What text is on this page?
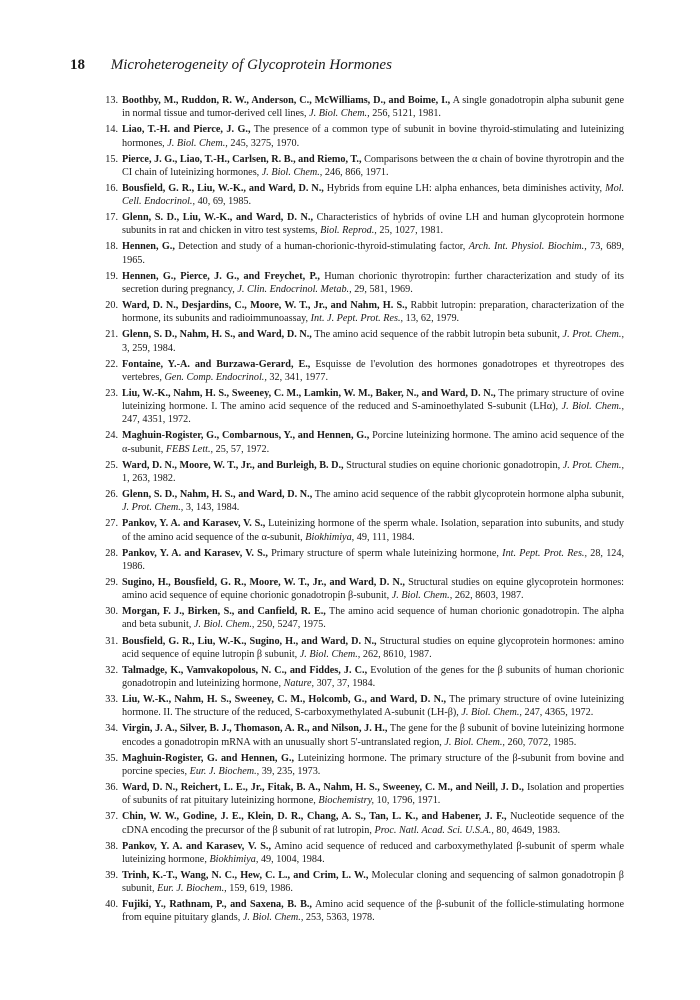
18 Microheterogeneity of Glycoprotein Hormones
13 . Boothby, M., Ruddon, R. W., Anderson, C., McWilliams, D., and Boime, I., A single gonadotropin alpha subunit gene in normal tissue and tumor-derived cell lines, J. Biol. Chem., 256, 5121, 1981.
14 . Liao, T.-H. and Pierce, J. G., The presence of a common type of subunit in bovine thyroid-stimulating and luteinizing hormones, J. Biol. Chem., 245, 3275, 1970.
15 . Pierce, J. G., Liao, T.-H., Carlsen, R. B., and Riemo, T., Comparisons between the α chain of bovine thyrotropin and the CI chain of luteinizing hormones, J. Biol. Chem., 246, 866, 1971.
16 . Bousfield, G. R., Liu, W.-K., and Ward, D. N., Hybrids from equine LH: alpha enhances, beta diminishes activity, Mol. Cell. Endocrinol., 40, 69, 1985.
17 . Glenn, S. D., Liu, W.-K., and Ward, D. N., Characteristics of hybrids of ovine LH and human glycoprotein hormone subunits in rat and chicken in vitro test systems, Biol. Reprod., 25, 1027, 1981.
18 . Hennen, G., Detection and study of a human-chorionic-thyroid-stimulating factor, Arch. Int. Physiol. Biochim., 73, 689, 1965.
19 . Hennen, G., Pierce, J. G., and Freychet, P., Human chorionic thyrotropin: further characterization and study of its secretion during pregnancy, J. Clin. Endocrinol. Metab., 29, 581, 1969.
20 . Ward, D. N., Desjardins, C., Moore, W. T., Jr., and Nahm, H. S., Rabbit lutropin: preparation, characterization of the hormone, its subunits and radioimmunoassay, Int. J. Pept. Prot. Res., 13, 62, 1979.
21 . Glenn, S. D., Nahm, H. S., and Ward, D. N., The amino acid sequence of the rabbit lutropin beta subunit, J. Prot. Chem., 3, 259, 1984.
22 . Fontaine, Y.-A. and Burzawa-Gerard, E., Esquisse de l'evolution des hormones gonadotropes et thyreotropes des vertebres, Gen. Comp. Endocrinol., 32, 341, 1977.
23 . Liu, W.-K., Nahm, H. S., Sweeney, C. M., Lamkin, W. M., Baker, N., and Ward, D. N., The primary structure of ovine luteinizing hormone. I. The amino acid sequence of the reduced and S-aminoethylated S-subunit (LHα), J. Biol. Chem., 247, 4351, 1972.
24 . Maghuin-Rogister, G., Combarnous, Y., and Hennen, G., Porcine luteinizing hormone. The amino acid sequence of the α-subunit, FEBS Lett., 25, 57, 1972.
25 . Ward, D. N., Moore, W. T., Jr., and Burleigh, B. D., Structural studies on equine chorionic gonadotropin, J. Prot. Chem., 1, 263, 1982.
26 . Glenn, S. D., Nahm, H. S., and Ward, D. N., The amino acid sequence of the rabbit glycoprotein hormone alpha subunit, J. Prot. Chem., 3, 143, 1984.
27 . Pankov, Y. A. and Karasev, V. S., Luteinizing hormone of the sperm whale. Isolation, separation into subunits, and study of the amino acid sequence of the α-subunit, Biokhimiya, 49, 111, 1984.
28 . Pankov, Y. A. and Karasev, V. S., Primary structure of sperm whale luteinizing hormone, Int. Pept. Prot. Res., 28, 124, 1986.
29 . Sugino, H., Bousfield, G. R., Moore, W. T., Jr., and Ward, D. N., Structural studies on equine glycoprotein hormones: amino acid sequence of equine chorionic gonadotropin β-subunit, J. Biol. Chem., 262, 8603, 1987.
30 . Morgan, F. J., Birken, S., and Canfield, R. E., The amino acid sequence of human chorionic gonadotropin. The alpha and beta subunit, J. Biol. Chem., 250, 5247, 1975.
31 . Bousfield, G. R., Liu, W.-K., Sugino, H., and Ward, D. N., Structural studies on equine glycoprotein hormones: amino acid sequence of equine lutropin β subunit, J. Biol. Chem., 262, 8610, 1987.
32 . Talmadge, K., Vamvakopolous, N. C., and Fiddes, J. C., Evolution of the genes for the β subunits of human chorionic gonadotropin and luteinizing hormone, Nature, 307, 37, 1984.
33 . Liu, W.-K., Nahm, H. S., Sweeney, C. M., Holcomb, G., and Ward, D. N., The primary structure of ovine luteinizing hormone. II. The structure of the reduced, S-carboxymethylated A-subunit (LH-β), J. Biol. Chem., 247, 4365, 1972.
34 . Virgin, J. A., Silver, B. J., Thomason, A. R., and Nilson, J. H., The gene for the β subunit of bovine luteinizing hormone encodes a gonadotropin mRNA with an unusually short 5'-untranslated region, J. Biol. Chem., 260, 7072, 1985.
35 . Maghuin-Rogister, G. and Hennen, G., Luteinizing hormone. The primary structure of the β-subunit from bovine and porcine species, Eur. J. Biochem., 39, 235, 1973.
36 . Ward, D. N., Reichert, L. E., Jr., Fitak, B. A., Nahm, H. S., Sweeney, C. M., and Neill, J. D., Isolation and properties of subunits of rat pituitary luteinizing hormone, Biochemistry, 10, 1796, 1971.
37 . Chin, W. W., Godine, J. E., Klein, D. R., Chang, A. S., Tan, L. K., and Habener, J. F., Nucleotide sequence of the cDNA encoding the precursor of the β subunit of rat lutropin, Proc. Natl. Acad. Sci. U.S.A., 80, 4649, 1983.
38 . Pankov, Y. A. and Karasev, V. S., Amino acid sequence of reduced and carboxymethylated β-subunit of sperm whale luteinizing hormone, Biokhimiya, 49, 1004, 1984.
39 . Trinh, K.-T., Wang, N. C., Hew, C. L., and Crim, L. W., Molecular cloning and sequencing of salmon gonadotropin β subunit, Eur. J. Biochem., 159, 619, 1986.
40 . Fujiki, Y., Rathnam, P., and Saxena, B. B., Amino acid sequence of the β-subunit of the follicle-stimulating hormone from equine pituitary glands, J. Biol. Chem., 253, 5363, 1978.
